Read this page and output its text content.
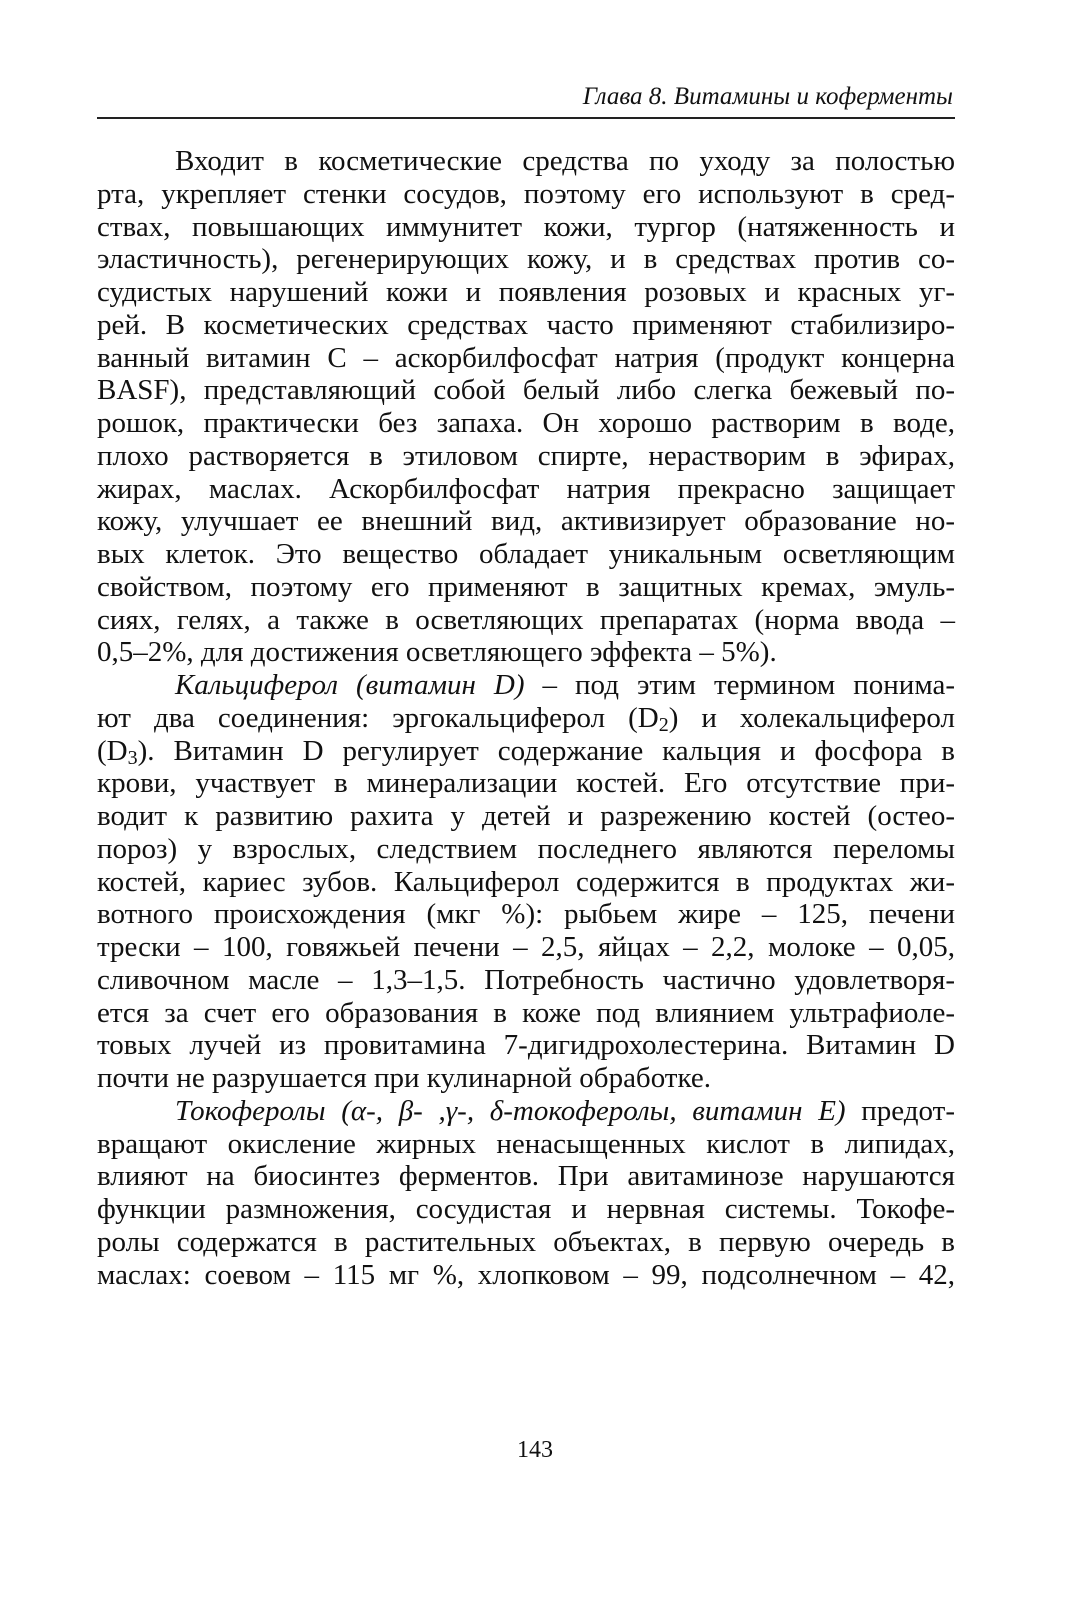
Глава 8. Витамины и коферменты
Входит в косметические средства по уходу за полостью
рта, укрепляет стенки сосудов, поэтому его используют в сред-
ствах, повышающих иммунитет кожи, тургор (натяженность и
эластичность), регенерирующих кожу, и в средствах против со-
судистых нарушений кожи и появления розовых и красных уг-
рей. В косметических средствах часто применяют стабилизиро-
ванный витамин С – аскорбилфосфат натрия (продукт концерна
BASF), представляющий собой белый либо слегка бежевый по-
рошок, практически без запаха. Он хорошо растворим в воде,
плохо растворяется в этиловом спирте, нерастворим в эфирах,
жирах, маслах. Аскорбилфосфат натрия прекрасно защищает
кожу, улучшает ее внешний вид, активизирует образование но-
вых клеток. Это вещество обладает уникальным осветляющим
свойством, поэтому его применяют в защитных кремах, эмуль-
сиях, гелях, а также в осветляющих препаратах (норма ввода –
0,5–2%, для достижения осветляющего эффекта – 5%).
Кальциферол (витамин D) – под этим термином понима-
ют два соединения: эргокальциферол $(D_2)$ и холекальциферол
$(D_3)$. Витамин D регулирует содержание кальция и фосфора в
крови, участвует в минерализации костей. Его отсутствие при-
водит к развитию рахита у детей и разрежению костей (остео-
пороз) у взрослых, следствием последнего являются переломы
костей, кариес зубов. Кальциферол содержится в продуктах жи-
вотного происхождения (мкг %): рыбьем жире – 125, печени
трески – 100, говяжьей печени – 2,5, яйцах – 2,2, молоке – 0,05,
сливочном масле – 1,3–1,5. Потребность частично удовлетворя-
ется за счет его образования в коже под влиянием ультрафиоле-
товых лучей из провитамина 7-дигидрохолестерина. Витамин D
почти не разрушается при кулинарной обработке.
Токоферолы (α-, β- ,γ-, δ-токоферолы, витамин Е) предот-
вращают окисление жирных ненасыщенных кислот в липидах,
влияют на биосинтез ферментов. При авитаминозе нарушаются
функции размножения, сосудистая и нервная системы. Токофе-
ролы содержатся в растительных объектах, в первую очередь в
маслах: соевом – 115 мг %, хлопковом – 99, подсолнечном – 42,
143
